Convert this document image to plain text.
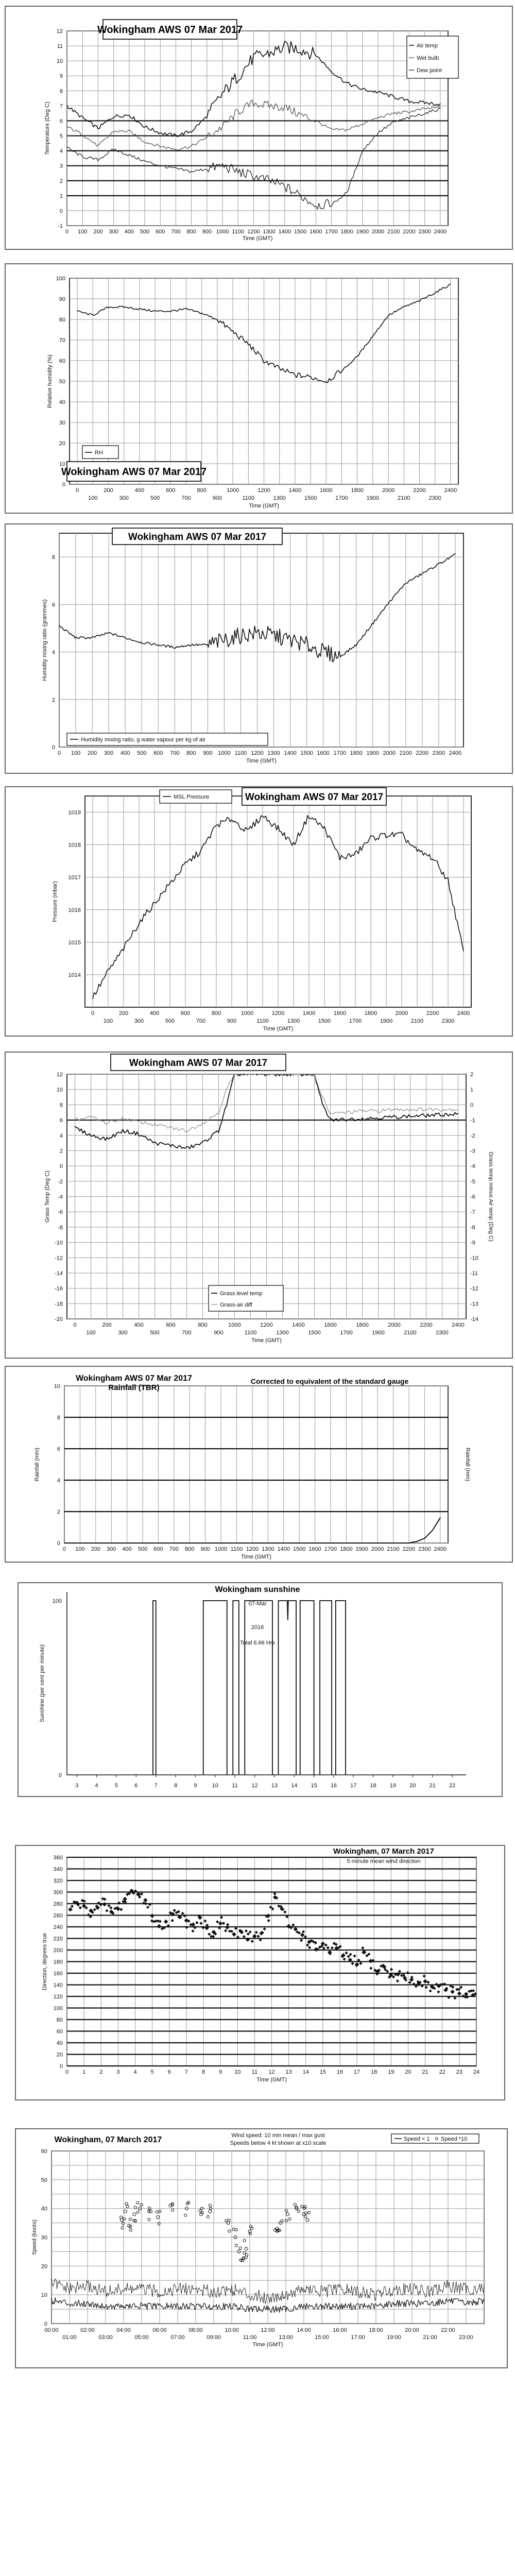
0 100 200 300 400 500 600 700 800 900 1000 1100 1200 1300 1400 1500 1600 1700 1800 1900 2000 2100 2200 2300 2400
-1
0
1
2
3
4
5
6
7
8
9
10
11
12
Time (GMT)
Temperature (Deg C)
Wokingham AWS 07 Mar 2017
Air temp
Wet bulb
Dew point
0	200	400	600	800	1000	1200	1400	1600	1800	2000	2200	2400
100	300	500	700	900	1100	1300	1500	1700	1900	2100	2300
Time (GMT)
0
10
20
30
40
50
60
70
80
90
100
Relative humidity (%)
RH
Wokingham AWS 07 Mar 2017
0 100 200 300 400 500 600 700 800 900 1000 1100 1200 1300 1400 1500 1600 1700 1800 1900 2000 2100 2200 2300 2400
Time (GMT)
0
2
4
6
8
Humidity mixing ratio (grammes)
Wokingham AWS 07 Mar 2017
Humidity mixing ratio, g water vapour per kg of air
0	200	400	600	800	1000	1200	1400	1600	1800	2000	2200	2400
100	300	500	700	900	1100	1300	1500	1700	1900	2100	2300
Time (GMT)
1014
1015
1016
1017
1018
1019
Pressure (mbar)
MSL Pressure	Wokingham AWS 07 Mar 2017
0	200	400	600	800	1000	1200	1400	1600	1800	2000	2200	2400
100	300	500	700	900	1100	1300	1500	1700	1900	2100	2300
Time (GMT)
-20
-18
-16
-14
-12
-10
-8
-6
-4
-2
0
2
4
6
8
10
12
-14
-13
-12
-11
-10
-9
-8
-7
-6
-5
-4
-3
-2
-1
0
1
2
Grass Temp (Deg C)	Grass temp minus Air temp (Deg C)
Wokingham AWS 07 Mar 2017
Grass level temp
Grass-air diff
0 100 200 300 400 500 600 700 800 900 1000 1100 1200 1300 1400 1500 1600 1700 1800 1900 2000 2100 2200 2300 2400
Time (GMT)
0
2
4
6
8
10
Rainfall (mm)	Rainfall (mm)
Wokingham AWS 07 Mar 2017
Rainfall (TBR)
Corrected to equivalent of the standard gauge
3	4	5	6	7	8	9	10 11 12 13 14 15 16 17 18 19 20 21 22
0
100
Sunshine (per cent per minute)
Wokingham sunshine
07-Mar
2016
Total 6.66 Hrs
0 1 2 3 4 5 6 7 8 9 10 11 12 13 14 15 16 17 18 19 20 21 22 23 24
Time (GMT)
0
20
40
60
80
100
120
140
160
180
200
220
240
260
280
300
320
340
360
Direction, degrees true
Wokingham, 07 March 2017
5 minute mean wind direction
00:00	02:00	04:00	06:00	08:00	10:00	12:00	14:00	16:00	18:00	20:00	22:00
01:00	03:00	05:00	07:00	09:00	11:00	13:00	15:00	17:00	19:00	21:00	23:00
Time (GMT)
0
10
20
30
40
50
60
Speed (knots)
Wokingham, 07 March 2017	Wind speed: 10 min mean / max gust
Speeds below 4 kt shown at x10 scale
Speed < 1 Speed *10
